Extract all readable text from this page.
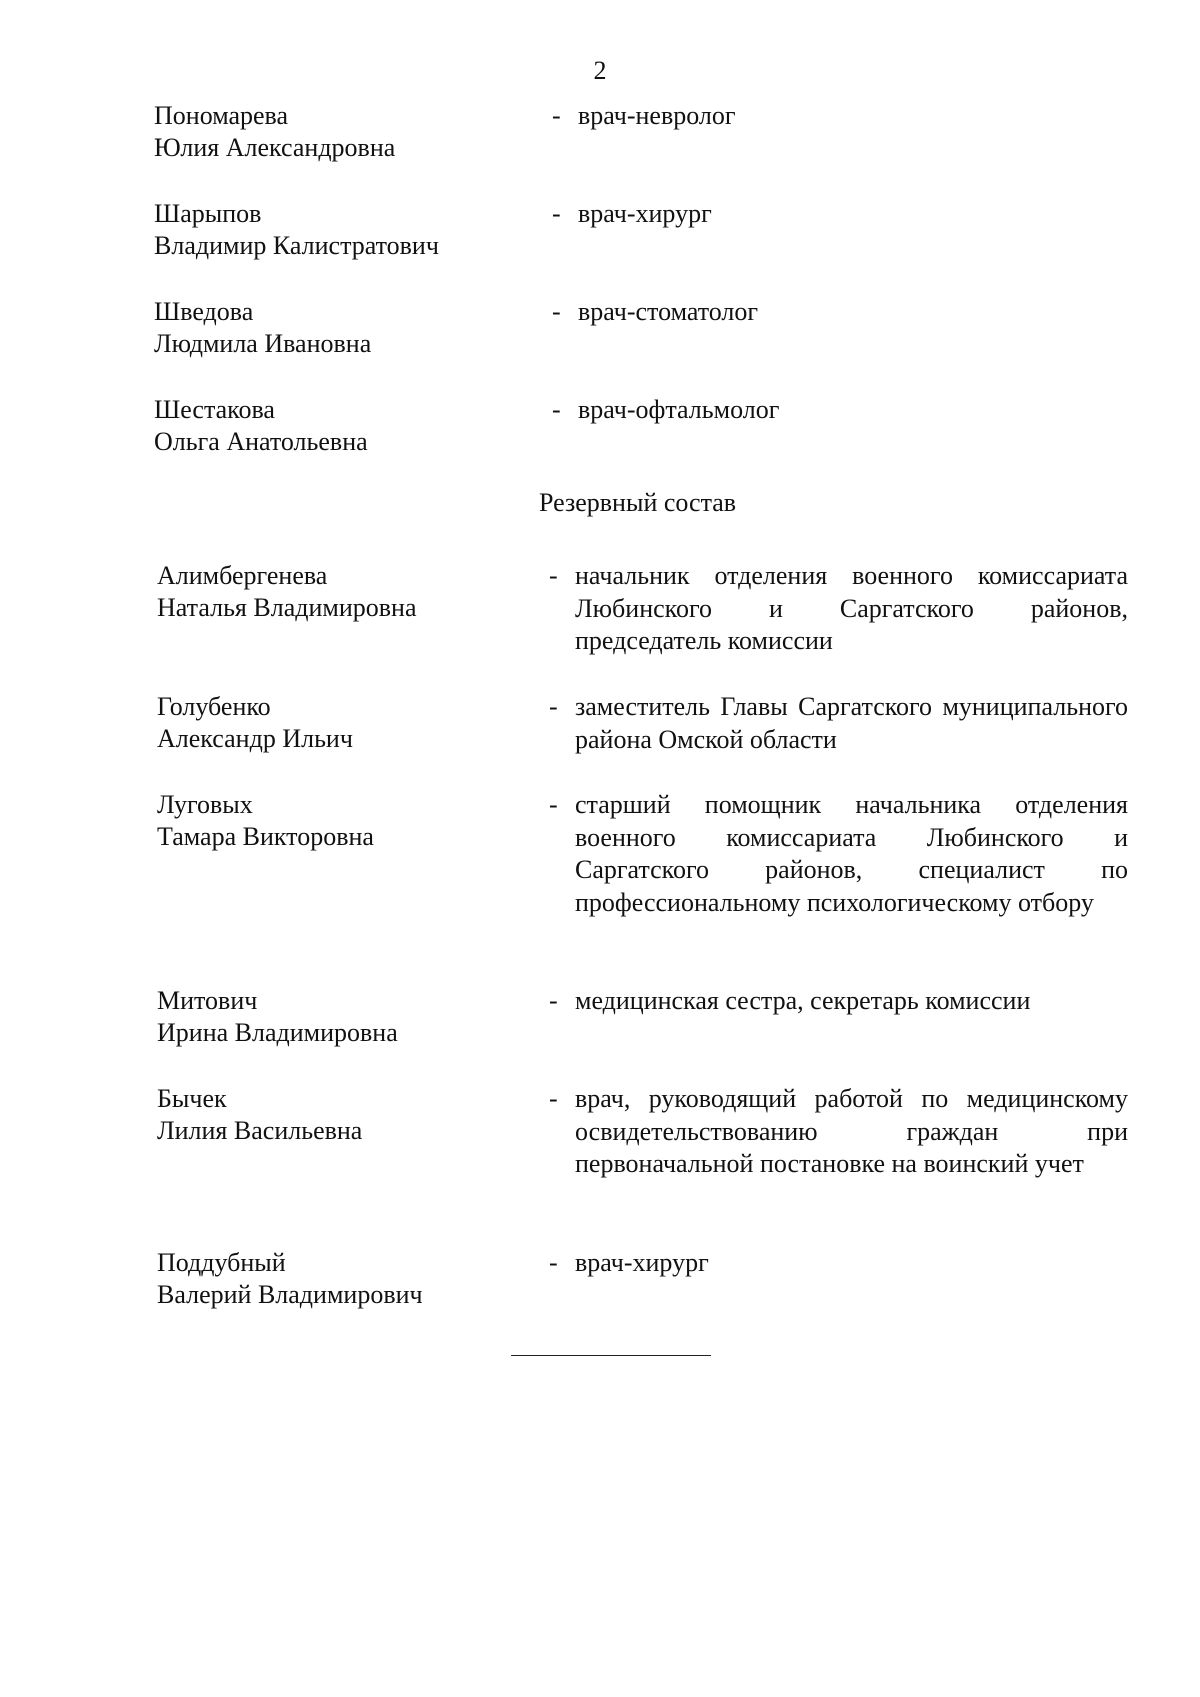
2
Пономарева
Юлия Александровна
- врач-невролог
Шарыпов
Владимир Калистратович
- врач-хирург
Шведова
Людмила Ивановна
- врач-стоматолог
Шестакова
Ольга Анатольевна
- врач-офтальмолог
Резервный состав
Алимбергенева
Наталья Владимировна
- начальник отделения военного комиссариата Любинского и Саргатского районов, председатель комиссии
Голубенко
Александр Ильич
- заместитель Главы Саргатского муниципального района Омской области
Луговых
Тамара Викторовна
- старший помощник начальника отделения военного комиссариата Любинского и Саргатского районов, специалист по профессиональному психологическому отбору
Митович
Ирина Владимировна
- медицинская сестра, секретарь комиссии
Бычек
Лилия Васильевна
- врач, руководящий работой по медицинскому освидетельствованию граждан при первоначальной постановке на воинский учет
Поддубный
Валерий Владимирович
- врач-хирург
